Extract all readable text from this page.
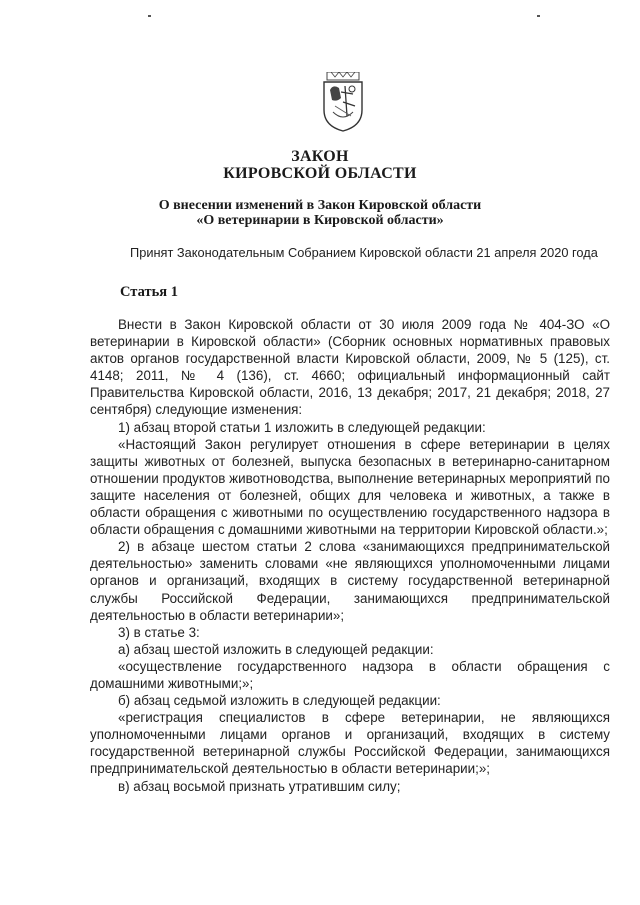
ЗАКОН
КИРОВСКОЙ ОБЛАСТИ
О внесении изменений в Закон Кировской области
«О ветеринарии в Кировской области»
Принят Законодательным Собранием Кировской области 21 апреля 2020 года
Статья 1

Внести в Закон Кировской области от 30 июля 2009 года № 404-ЗО «О ветеринарии в Кировской области» (Сборник основных нормативных правовых актов органов государственной власти Кировской области, 2009, № 5 (125), ст. 4148; 2011, № 4 (136), ст. 4660; официальный информационный сайт Правительства Кировской области, 2016, 13 декабря; 2017, 21 декабря; 2018, 27 сентября) следующие изменения:

1) абзац второй статьи 1 изложить в следующей редакции:

«Настоящий Закон регулирует отношения в сфере ветеринарии в целях защиты животных от болезней, выпуска безопасных в ветеринарно-санитарном отношении продуктов животноводства, выполнение ветеринарных мероприятий по защите населения от болезней, общих для человека и животных, а также в области обращения с животными по осуществлению государственного надзора в области обращения с домашними животными на территории Кировской области.»;

2) в абзаце шестом статьи 2 слова «занимающихся предпринимательской деятельностью» заменить словами «не являющихся уполномоченными лицами органов и организаций, входящих в систему государственной ветеринарной службы Российской Федерации, занимающихся предпринимательской деятельностью в области ветеринарии»;

3) в статье 3:

а) абзац шестой изложить в следующей редакции:

«осуществление государственного надзора в области обращения с домашними животными;»;

б) абзац седьмой изложить в следующей редакции:

«регистрация специалистов в сфере ветеринарии, не являющихся уполномоченными лицами органов и организаций, входящих в систему государственной ветеринарной службы Российской Федерации, занимающихся предпринимательской деятельностью в области ветеринарии;»;

в) абзац восьмой признать утратившим силу;
